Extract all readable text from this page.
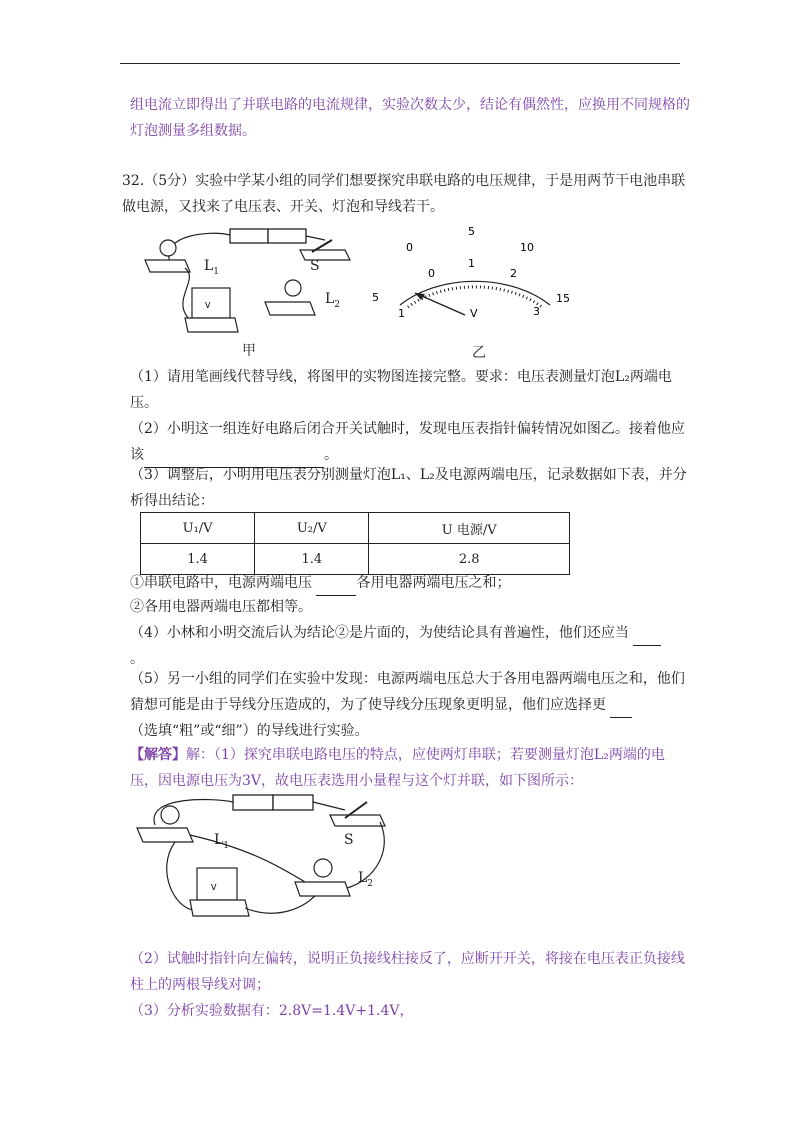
组电流立即得出了并联电路的电流规律，实验次数太少，结论有偶然性，应换用不同规格的灯泡测量多组数据。

32.（5分）实验中学某小组的同学们想要探究串联电路的电压规律，于是用两节干电池串联做电源，又找来了电压表、开关、灯泡和导线若干。

V
$L_1$	S
$L_2$
甲
0
5
10
15
0
1
2
3
V
5
1
乙

（1）请用笔画线代替导线，将图甲的实物图连接完整。要求：电压表测量灯泡L₂两端电压。

（2）小明这一组连好电路后闭合开关试触时，发现电压表指针偏转情况如图乙。接着他应该	。

（3）调整后，小明用电压表分别测量灯泡L₁、L₂及电源两端电压，记录数据如下表，并分析得出结论：

U₁/V	U₂/V	U 电源/V
1.4	1.4	2.8

①串联电路中，电源两端电压	各用电器两端电压之和；

②各用电器两端电压都相等。

（4）小林和小明交流后认为结论②是片面的，为使结论具有普遍性，他们还应当
。

（5）另一小组的同学们在实验中发现：电源两端电压总大于各用电器两端电压之和，他们猜想可能是由于导线分压造成的，为了使导线分压现象更明显，他们应选择更
（选填“粗”或“细”）的导线进行实验。

【解答】解：（1）探究串联电路电压的特点，应使两灯串联；若要测量灯泡L₂两端的电压，因电源电压为3V，故电压表选用小量程与这个灯并联，如下图所示：

V
$L_1$	S
$L_2$

（2）试触时指针向左偏转，说明正负接线柱接反了，应断开开关，将接在电压表正负接线柱上的两根导线对调；

（3）分析实验数据有：2.8V=1.4V+1.4V，
